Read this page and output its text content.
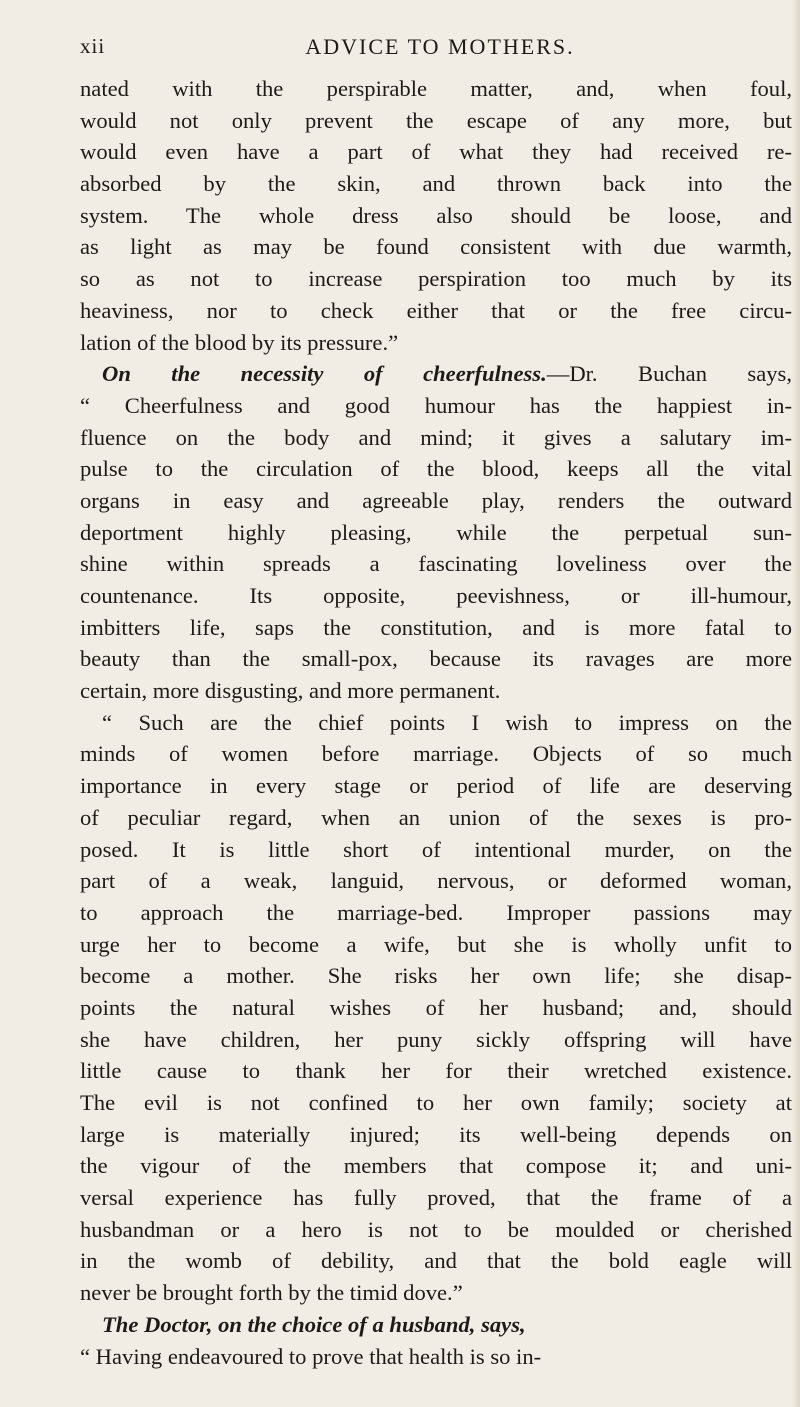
xii	ADVICE TO MOTHERS.
nated with the perspirable matter, and, when foul,
would not only prevent the escape of any more, but
would even have a part of what they had received re-
absorbed by the skin, and thrown back into the
system. The whole dress also should be loose, and
as light as may be found consistent with due warmth,
so as not to increase perspiration too much by its
heaviness, nor to check either that or the free circu-
lation of the blood by its pressure.”
On the necessity of cheerfulness.—Dr. Buchan says,
“ Cheerfulness and good humour has the happiest in-
fluence on the body and mind; it gives a salutary im-
pulse to the circulation of the blood, keeps all the vital
organs in easy and agreeable play, renders the outward
deportment highly pleasing, while the perpetual sun-
shine within spreads a fascinating loveliness over the
countenance. Its opposite, peevishness, or ill-humour,
imbitters life, saps the constitution, and is more fatal to
beauty than the small-pox, because its ravages are more
certain, more disgusting, and more permanent.
“ Such are the chief points I wish to impress on the
minds of women before marriage. Objects of so much
importance in every stage or period of life are deserving
of peculiar regard, when an union of the sexes is pro-
posed. It is little short of intentional murder, on the
part of a weak, languid, nervous, or deformed woman,
to approach the marriage-bed. Improper passions may
urge her to become a wife, but she is wholly unfit to
become a mother. She risks her own life; she disap-
points the natural wishes of her husband; and, should
she have children, her puny sickly offspring will have
little cause to thank her for their wretched existence.
The evil is not confined to her own family; society at
large is materially injured; its well-being depends on
the vigour of the members that compose it; and uni-
versal experience has fully proved, that the frame of a
husbandman or a hero is not to be moulded or cherished
in the womb of debility, and that the bold eagle will
never be brought forth by the timid dove.”
The Doctor, on the choice of a husband, says,
“ Having endeavoured to prove that health is so in-
